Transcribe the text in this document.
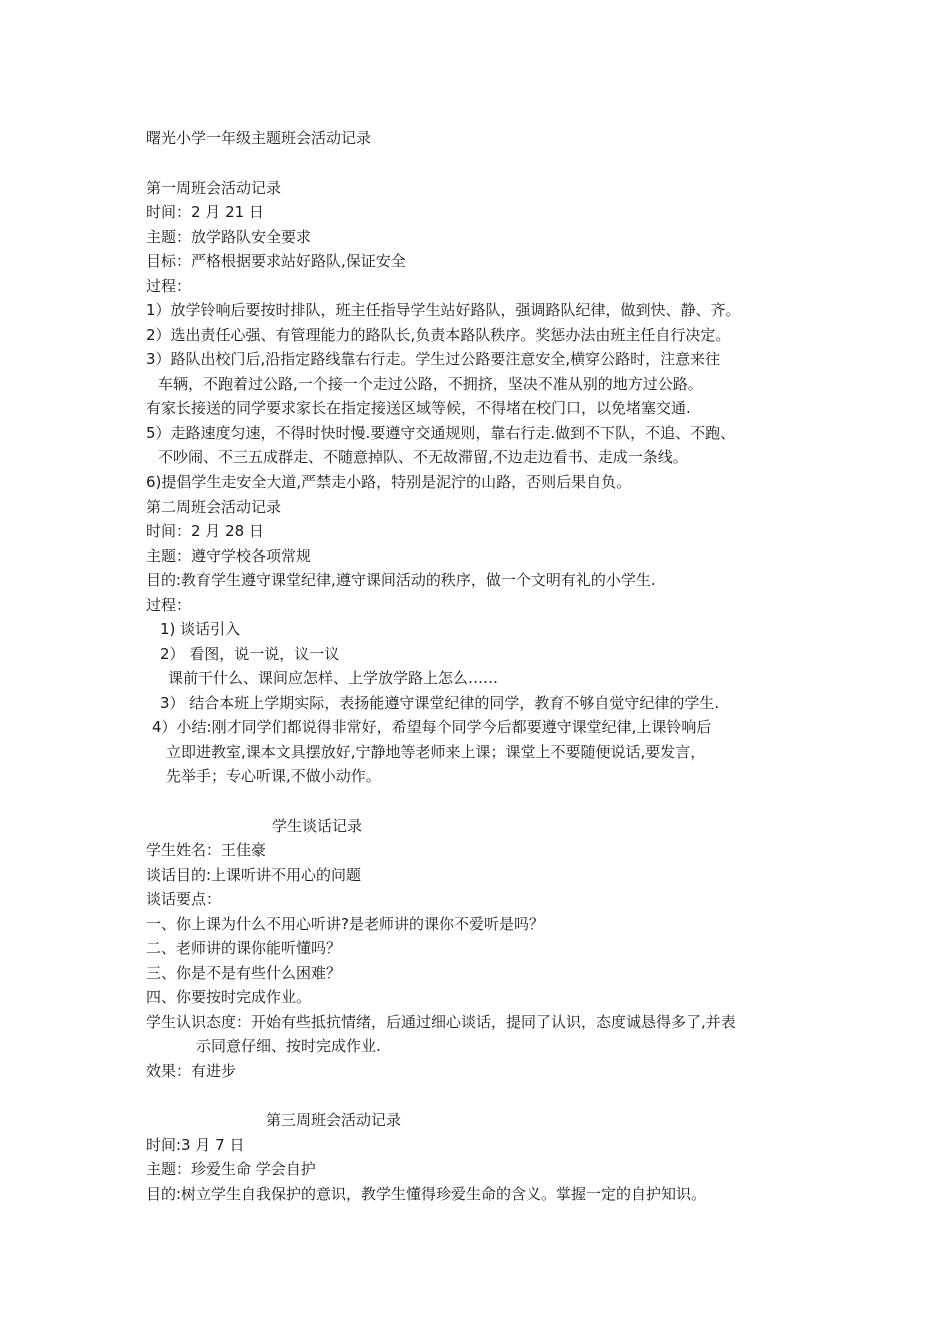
曙光小学一年级主题班会活动记录
第一周班会活动记录
时间：2 月 21 日
主题：放学路队安全要求
目标：严格根据要求站好路队,保证安全
过程：
1）放学铃响后要按时排队，班主任指导学生站好路队，强调路队纪律，做到快、静、齐。
2）选出责任心强、有管理能力的路队长,负责本路队秩序。奖惩办法由班主任自行决定。
3）路队出校门后,沿指定路线靠右行走。学生过公路要注意安全,横穿公路时，注意来往
车辆，不跑着过公路,一个接一个走过公路，不拥挤，坚决不准从别的地方过公路。
有家长接送的同学要求家长在指定接送区域等候，不得堵在校门口，以免堵塞交通.
5）走路速度匀速，不得时快时慢.要遵守交通规则，靠右行走.做到不下队，不追、不跑、
不吵闹、不三五成群走、不随意掉队、不无故滞留,不边走边看书、走成一条线。
6)提倡学生走安全大道,严禁走小路，特别是泥泞的山路，否则后果自负。
第二周班会活动记录
时间：2 月 28 日
主题：遵守学校各项常规
目的:教育学生遵守课堂纪律,遵守课间活动的秩序，做一个文明有礼的小学生.
过程：
1) 谈话引入
2） 看图，说一说，议一议
课前干什么、课间应怎样、上学放学路上怎么……
3） 结合本班上学期实际，表扬能遵守课堂纪律的同学，教育不够自觉守纪律的学生.
4）小结:刚才同学们都说得非常好，希望每个同学今后都要遵守课堂纪律,上课铃响后
立即进教室,课本文具摆放好,宁静地等老师来上课；课堂上不要随便说话,要发言，
先举手；专心听课,不做小动作。
学生谈话记录
学生姓名：王佳豪
谈话目的:上课听讲不用心的问题
谈话要点：
一、你上课为什么不用心听讲?是老师讲的课你不爱听是吗？
二、老师讲的课你能听懂吗？
三、你是不是有些什么困难？
四、你要按时完成作业。
学生认识态度：开始有些抵抗情绪，后通过细心谈话，提同了认识，态度诚恳得多了,并表
示同意仔细、按时完成作业.
效果：有进步
第三周班会活动记录
时间:3 月 7 日
主题：珍爱生命 学会自护
目的:树立学生自我保护的意识，教学生懂得珍爱生命的含义。掌握一定的自护知识。
